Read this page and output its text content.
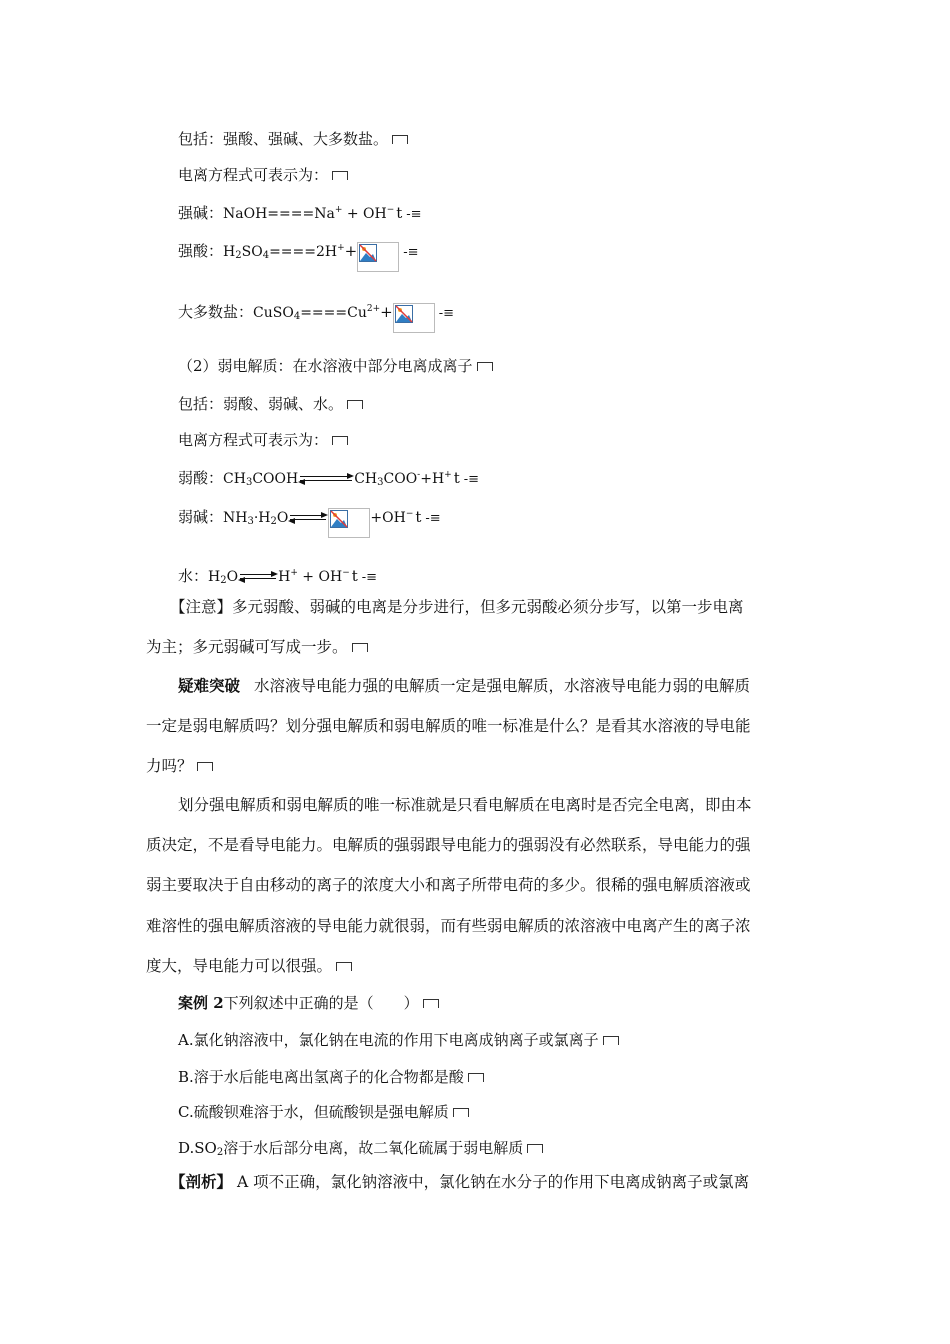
包括：强酸、强碱、大多数盐。
电离方程式可表示为：
强碱：NaOH====Na+ + OH− t -≡
强酸：$H_2SO_4====2H^++$	-≡
大多数盐：$CuSO_4====Cu^{2+}+$	-≡
（2）弱电解质：在水溶液中部分电离成离子
包括：弱酸、弱碱、水。
电离方程式可表示为：
弱酸：$CH_3COOH$	$CH_3COO^-+H^+$ t -≡
弱碱：$NH_3\cdot H_2O$	+OH− t -≡
水：$H_2O$	H+ + OH− t -≡
【注意】多元弱酸、弱碱的电离是分步进行，但多元弱酸必须分步写，以第一步电离
为主；多元弱碱可写成一步。
疑难突破 水溶液导电能力强的电解质一定是强电解质，水溶液导电能力弱的电解质
一定是弱电解质吗？划分强电解质和弱电解质的唯一标准是什么？是看其水溶液的导电能
力吗？
划分强电解质和弱电解质的唯一标准就是只看电解质在电离时是否完全电离，即由本
质决定，不是看导电能力。电解质的强弱跟导电能力的强弱没有必然联系，导电能力的强
弱主要取决于自由移动的离子的浓度大小和离子所带电荷的多少。很稀的强电解质溶液或
难溶性的强电解质溶液的导电能力就很弱，而有些弱电解质的浓溶液中电离产生的离子浓
度大，导电能力可以很强。
案例 2下列叙述中正确的是（　　）
A.氯化钠溶液中，氯化钠在电流的作用下电离成钠离子或氯离子
B.溶于水后能电离出氢离子的化合物都是酸
C.硫酸钡难溶于水，但硫酸钡是强电解质
$D.SO_2$溶于水后部分电离，故二氧化硫属于弱电解质
【剖析】 A 项不正确，氯化钠溶液中，氯化钠在水分子的作用下电离成钠离子或氯离
